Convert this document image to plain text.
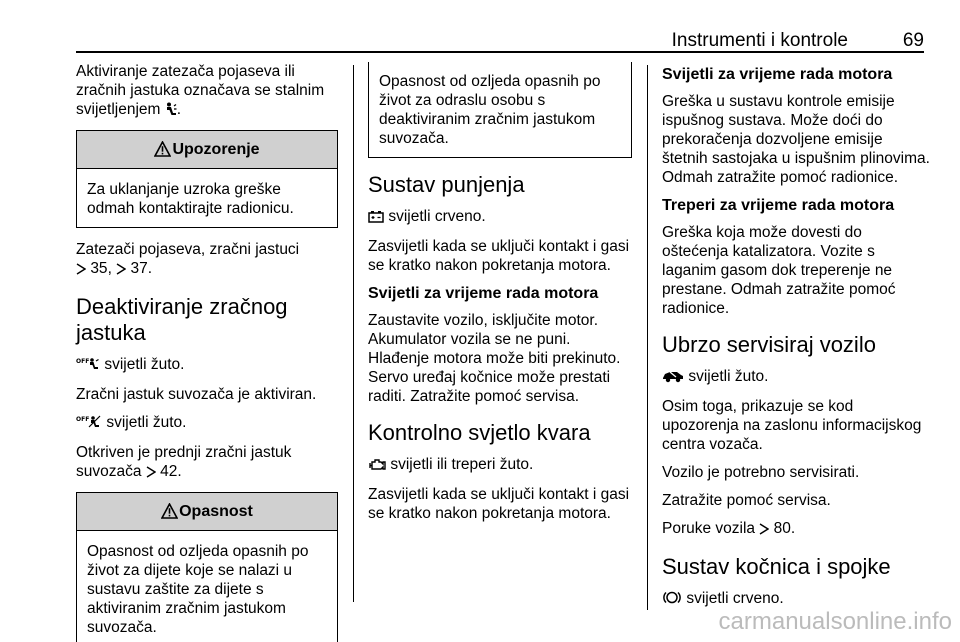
Instrumenti i kontrole	69

Aktiviranje zatezača pojaseva ili zračnih jastuka označava se stalnim svijetljenjem .

Upozorenje

Za uklanjanje uzroka greške odmah kontaktirajte radionicu.

Zatezači pojaseva, zračni jastuci
35,  37.

Deaktiviranje zračnog jastuka

OFF svijetli žuto.

Zračni jastuk suvozača je aktiviran.

OFF svijetli žuto.

Otkriven je prednji zračni jastuk suvozača 42.

Opasnost

Opasnost od ozljeda opasnih po život za dijete koje se nalazi u sustavu zaštite za dijete s aktiviranim zračnim jastukom suvozača.

Opasnost od ozljeda opasnih po život za odraslu osobu s deaktiviranim zračnim jastukom suvozača.

Sustav punjenja

svijetli crveno.

Zasvijetli kada se uključi kontakt i gasi se kratko nakon pokretanja motora.

Svijetli za vrijeme rada motora

Zaustavite vozilo, isključite motor. Akumulator vozila se ne puni. Hlađenje motora može biti prekinuto. Servo uređaj kočnice može prestati raditi. Zatražite pomoć servisa.

Kontrolno svjetlo kvara

svijetli ili treperi žuto.

Zasvijetli kada se uključi kontakt i gasi se kratko nakon pokretanja motora.

Svijetli za vrijeme rada motora

Greška u sustavu kontrole emisije ispušnog sustava. Može doći do prekoračenja dozvoljene emisije štetnih sastojaka u ispušnim plinovima. Odmah zatražite pomoć radionice.

Treperi za vrijeme rada motora

Greška koja može dovesti do oštećenja katalizatora. Vozite s laganim gasom dok treperenje ne prestane. Odmah zatražite pomoć radionice.

Ubrzo servisiraj vozilo

svijetli žuto.

Osim toga, prikazuje se kod upozorenja na zaslonu informacijskog centra vozača.

Vozilo je potrebno servisirati.

Zatražite pomoć servisa.

Poruke vozila 80.

Sustav kočnica i spojke

svijetli crveno.

carmanualsonline.info
